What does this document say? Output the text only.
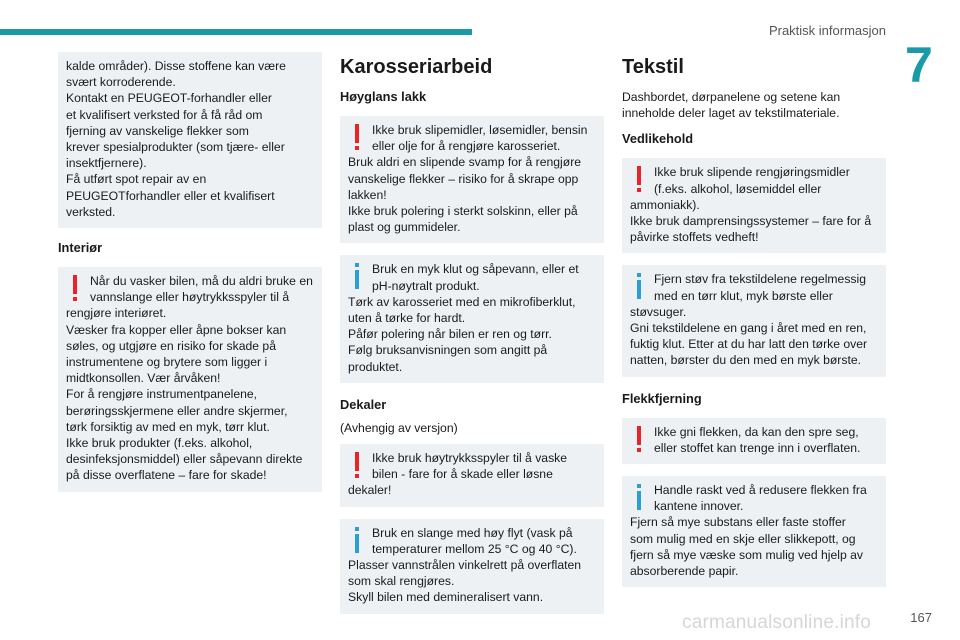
Praktisk informasjon
7
kalde områder). Disse stoffene kan være
svært korroderende.
Kontakt en PEUGEOT-forhandler eller
et kvalifisert verksted for å få råd om
fjerning av vanskelige flekker som
krever spesialprodukter (som tjære- eller
insektfjernere).
Få utført spot repair av en
PEUGEOTforhandler eller et kvalifisert
verksted.
Interiør
Når du vasker bilen, må du aldri bruke en
vannslange eller høytrykksspyler til å
rengjøre interiøret.
Væsker fra kopper eller åpne bokser kan
søles, og utgjøre en risiko for skade på
instrumentene og brytere som ligger i
midtkonsollen. Vær årvåken!
For å rengjøre instrumentpanelene,
berøringsskjermene eller andre skjermer,
tørk forsiktig av med en myk, tørr klut.
Ikke bruk produkter (f.eks. alkohol,
desinfeksjonsmiddel) eller såpevann direkte
på disse overflatene – fare for skade!
Karosseriarbeid
Høyglans lakk
Ikke bruk slipemidler, løsemidler, bensin
eller olje for å rengjøre karosseriet.
Bruk aldri en slipende svamp for å rengjøre
vanskelige flekker – risiko for å skrape opp
lakken!
Ikke bruk polering i sterkt solskinn, eller på
plast og gummideler.
Bruk en myk klut og såpevann, eller et
pH-nøytralt produkt.
Tørk av karosseriet med en mikrofiberklut,
uten å tørke for hardt.
Påfør polering når bilen er ren og tørr.
Følg bruksanvisningen som angitt på
produktet.
Dekaler

(Avhengig av versjon)

Ikke bruk høytrykksspyler til å vaske
bilen - fare for å skade eller løsne
dekaler!
Bruk en slange med høy flyt (vask på
temperaturer mellom 25 °C og 40 °C).
Plasser vannstrålen vinkelrett på overflaten
som skal rengjøres.
Skyll bilen med demineralisert vann.
Tekstil

Dashbordet, dørpanelene og setene kan
inneholde deler laget av tekstilmateriale.

Vedlikehold
Ikke bruk slipende rengjøringsmidler
(f.eks. alkohol, løsemiddel eller
ammoniakk).
Ikke bruk damprensingssystemer – fare for å
påvirke stoffets vedheft!
Fjern støv fra tekstildelene regelmessig
med en tørr klut, myk børste eller
støvsuger.
Gni tekstildelene en gang i året med en ren,
fuktig klut. Etter at du har latt den tørke over
natten, børster du den med en myk børste.
Flekkfjerning
Ikke gni flekken, da kan den spre seg,
eller stoffet kan trenge inn i overflaten.
Handle raskt ved å redusere flekken fra
kantene innover.
Fjern så mye substans eller faste stoffer
som mulig med en skje eller slikkepott, og
fjern så mye væske som mulig ved hjelp av
absorberende papir.
carmanualsonline.info	167
